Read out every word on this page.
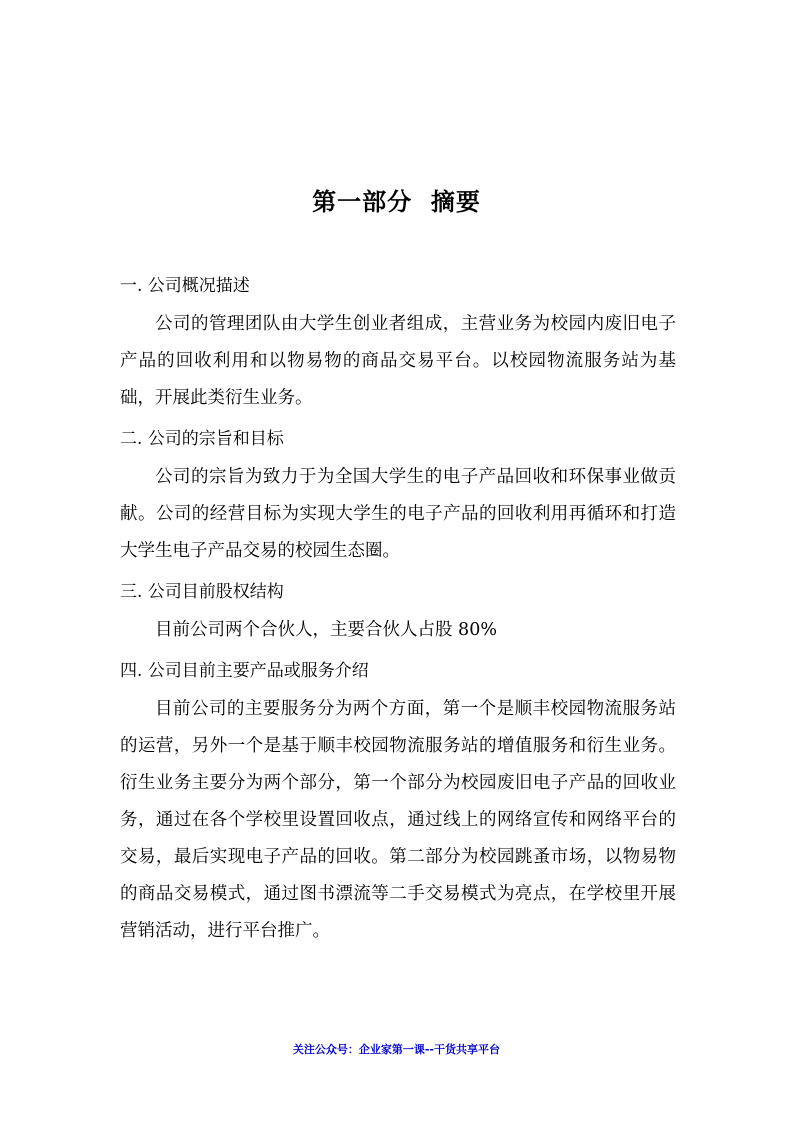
第一部分  摘要
一. 公司概况描述

公司的管理团队由大学生创业者组成，主营业务为校园内废旧电子产品的回收利用和以物易物的商品交易平台。以校园物流服务站为基础，开展此类衍生业务。

二. 公司的宗旨和目标

公司的宗旨为致力于为全国大学生的电子产品回收和环保事业做贡献。公司的经营目标为实现大学生的电子产品的回收利用再循环和打造大学生电子产品交易的校园生态圈。

三. 公司目前股权结构

目前公司两个合伙人，主要合伙人占股 80%

四. 公司目前主要产品或服务介绍

目前公司的主要服务分为两个方面，第一个是顺丰校园物流服务站的运营，另外一个是基于顺丰校园物流服务站的增值服务和衍生业务。衍生业务主要分为两个部分，第一个部分为校园废旧电子产品的回收业务，通过在各个学校里设置回收点，通过线上的网络宣传和网络平台的交易，最后实现电子产品的回收。第二部分为校园跳蚤市场，以物易物的商品交易模式，通过图书漂流等二手交易模式为亮点，在学校里开展营销活动，进行平台推广。

关注公众号：企业家第一课--干货共享平台
